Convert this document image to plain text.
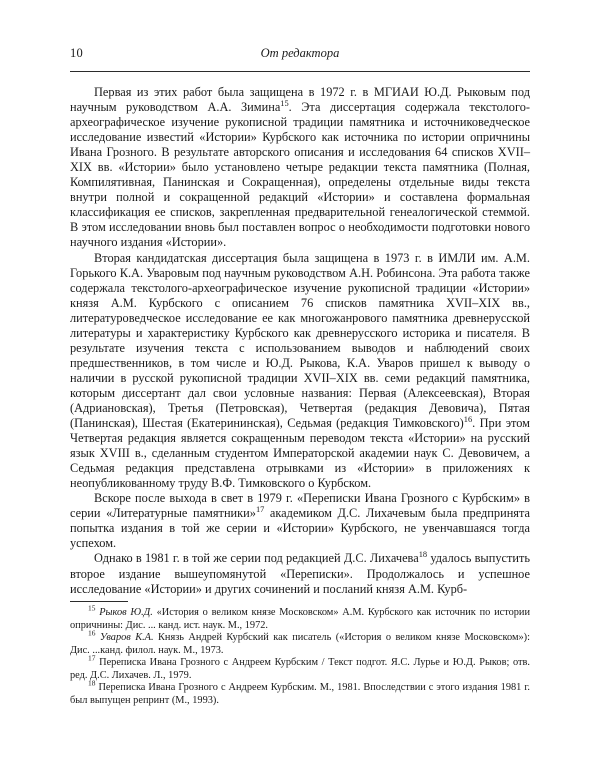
10	От редактора

Первая из этих работ была защищена в 1972 г. в МГИАИ Ю.Д. Рыковым под научным руководством А.А. Зимина$^{15}$. Эта диссертация содержала текстолого-археографическое изучение рукописной традиции памятника и источниковедческое исследование известий «Истории» Курбского как источника по истории опричнины Ивана Грозного. В результате авторского описания и исследования 64 списков XVII–XIX вв. «Истории» было установлено четыре редакции текста памятника (Полная, Компилятивная, Панинская и Сокращенная), определены отдельные виды текста внутри полной и сокращенной редакций «Истории» и составлена формальная классификация ее списков, закрепленная предварительной генеалогической стеммой. В этом исследовании вновь был поставлен вопрос о необходимости подготовки нового научного издания «Истории».

Вторая кандидатская диссертация была защищена в 1973 г. в ИМЛИ им. А.М. Горького К.А. Уваровым под научным руководством А.Н. Робинсона. Эта работа также содержала текстолого-археографическое изучение рукописной традиции «Истории» князя А.М. Курбского с описанием 76 списков памятника XVII–XIX вв., литературоведческое исследование ее как многожанрового памятника древнерусской литературы и характеристику Курбского как древнерусского историка и писателя. В результате изучения текста с использованием выводов и наблюдений своих предшественников, в том числе и Ю.Д. Рыкова, К.А. Уваров пришел к выводу о наличии в русской рукописной традиции XVII–XIX вв. семи редакций памятника, которым диссертант дал свои условные названия: Первая (Алексеевская), Вторая (Адриановская), Третья (Петровская), Четвертая (редакция Девовича), Пятая (Панинская), Шестая (Екатерининская), Седьмая (редакция Тимковского)$^{16}$. При этом Четвертая редакция является сокращенным переводом текста «Истории» на русский язык XVIII в., сделанным студентом Императорской академии наук С. Девовичем, а Седьмая редакция представлена отрывками из «Истории» в приложениях к неопубликованному труду В.Ф. Тимковского о Курбском.

Вскоре после выхода в свет в 1979 г. «Переписки Ивана Грозного с Курбским» в серии «Литературные памятники»$^{17}$ академиком Д.С. Лихачевым была предпринята попытка издания в той же серии и «Истории» Курбского, не увенчавшаяся тогда успехом.

Однако в 1981 г. в той же серии под редакцией Д.С. Лихачева$^{18}$ удалось выпустить второе издание вышеупомянутой «Переписки». Продолжалось и успешное исследование «Истории» и других сочинений и посланий князя А.М. Курб-

$^{15}$ Рыков Ю.Д. «История о великом князе Московском» А.М. Курбского как источник по истории опричнины: Дис. ... канд. ист. наук. М., 1972.

$^{16}$ Уваров К.А. Князь Андрей Курбский как писатель («История о великом князе Московском»): Дис. ...канд. филол. наук. М., 1973.

$^{17}$ Переписка Ивана Грозного с Андреем Курбским / Текст подгот. Я.С. Лурье и Ю.Д. Рыков; отв. ред. Д.С. Лихачев. Л., 1979.

$^{18}$ Переписка Ивана Грозного с Андреем Курбским. М., 1981. Впоследствии с этого издания 1981 г. был выпущен репринт (М., 1993).
